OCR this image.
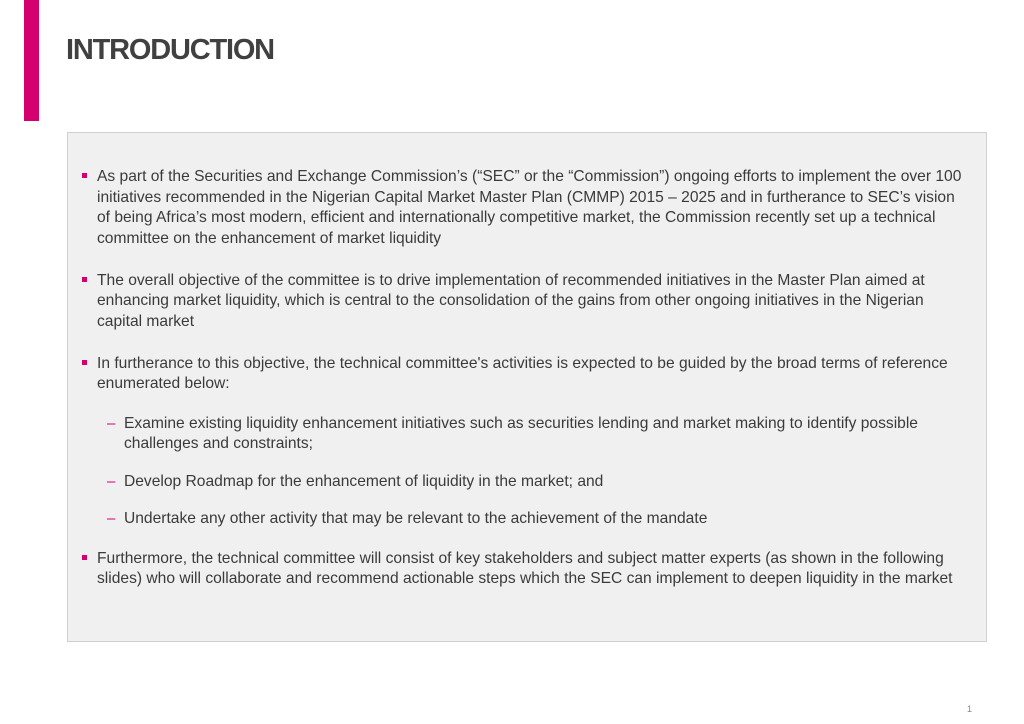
INTRODUCTION
As part of the Securities and Exchange Commission’s (“SEC” or the “Commission”) ongoing efforts to implement the over 100 initiatives recommended in the Nigerian Capital Market Master Plan (CMMP) 2015 – 2025 and in furtherance to SEC’s vision of being Africa’s most modern, efficient and internationally competitive market, the Commission recently set up a technical committee on the enhancement of market liquidity
The overall objective of the committee is to drive implementation of recommended initiatives in the Master Plan aimed at enhancing market liquidity, which is central to the consolidation of the gains from other ongoing initiatives in the Nigerian capital market
In furtherance to this objective, the technical committee's activities is expected to be guided by the broad terms of reference enumerated below:
– Examine existing liquidity enhancement initiatives such as securities lending and market making to identify possible challenges and constraints;
– Develop Roadmap for the enhancement of liquidity in the market; and
– Undertake any other activity that may be relevant to the achievement of the mandate
Furthermore, the technical committee will consist of key stakeholders and subject matter experts (as shown in the following slides) who will collaborate and recommend actionable steps which the SEC can implement to deepen liquidity in the market
1
